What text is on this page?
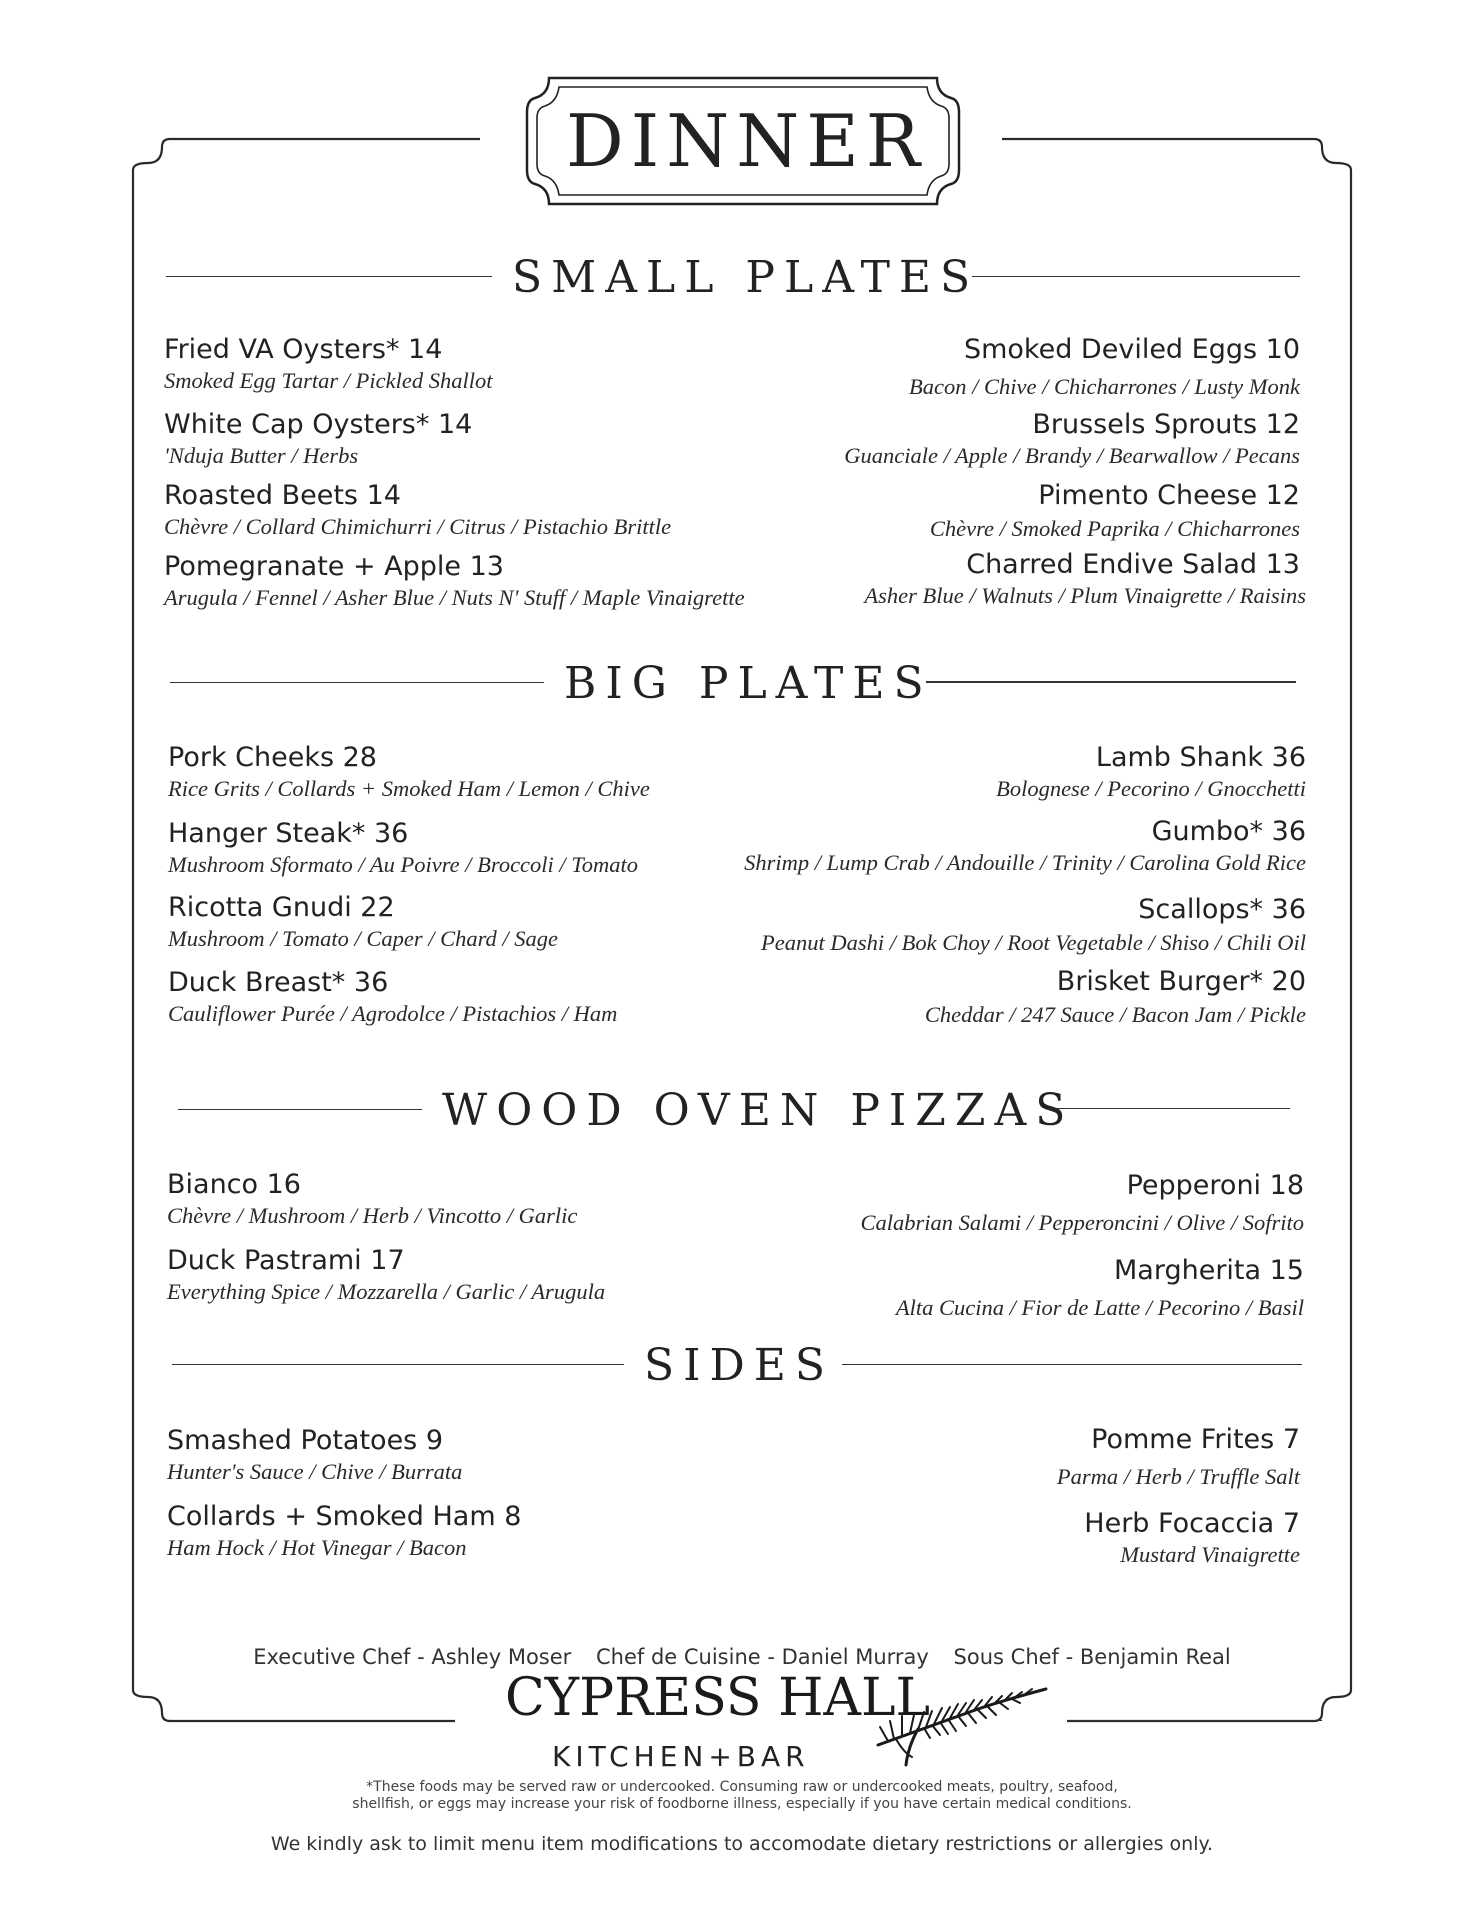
DINNER
SMALL PLATES
Fried VA Oysters* 14
Smoked Egg Tartar / Pickled Shallot
White Cap Oysters* 14
'Nduja Butter / Herbs
Roasted Beets 14
Chèvre / Collard Chimichurri / Citrus / Pistachio Brittle
Pomegranate + Apple 13
Arugula / Fennel / Asher Blue / Nuts N' Stuff / Maple Vinaigrette
Smoked Deviled Eggs 10
Bacon / Chive / Chicharrones / Lusty Monk
Brussels Sprouts 12
Guanciale / Apple / Brandy / Bearwallow / Pecans
Pimento Cheese 12
Chèvre / Smoked Paprika / Chicharrones
Charred Endive Salad 13
Asher Blue / Walnuts / Plum Vinaigrette / Raisins
BIG PLATES
Pork Cheeks 28
Rice Grits / Collards + Smoked Ham / Lemon / Chive
Hanger Steak* 36
Mushroom Sformato / Au Poivre / Broccoli / Tomato
Ricotta Gnudi 22
Mushroom / Tomato / Caper / Chard / Sage
Duck Breast* 36
Cauliflower Purée / Agrodolce / Pistachios / Ham
Lamb Shank 36
Bolognese / Pecorino / Gnocchetti
Gumbo* 36
Shrimp / Lump Crab / Andouille / Trinity / Carolina Gold Rice
Scallops* 36
Peanut Dashi / Bok Choy / Root Vegetable / Shiso / Chili Oil
Brisket Burger* 20
Cheddar / 247 Sauce / Bacon Jam / Pickle
WOOD OVEN PIZZAS
Bianco 16
Chèvre / Mushroom / Herb / Vincotto / Garlic
Duck Pastrami 17
Everything Spice / Mozzarella / Garlic / Arugula
Pepperoni 18
Calabrian Salami / Pepperoncini / Olive / Sofrito
Margherita 15
Alta Cucina / Fior de Latte / Pecorino / Basil
SIDES
Smashed Potatoes 9
Hunter's Sauce / Chive / Burrata
Collards + Smoked Ham 8
Ham Hock / Hot Vinegar / Bacon
Pomme Frites 7
Parma / Herb / Truffle Salt
Herb Focaccia 7
Mustard Vinaigrette
Executive Chef - Ashley Moser Chef de Cuisine - Daniel Murray Sous Chef - Benjamin Real
CYPRESS HALL
KITCHEN+BAR
*These foods may be served raw or undercooked. Consuming raw or undercooked meats, poultry, seafood,
shellfish, or eggs may increase your risk of foodborne illness, especially if you have certain medical conditions.
We kindly ask to limit menu item modifications to accomodate dietary restrictions or allergies only.
